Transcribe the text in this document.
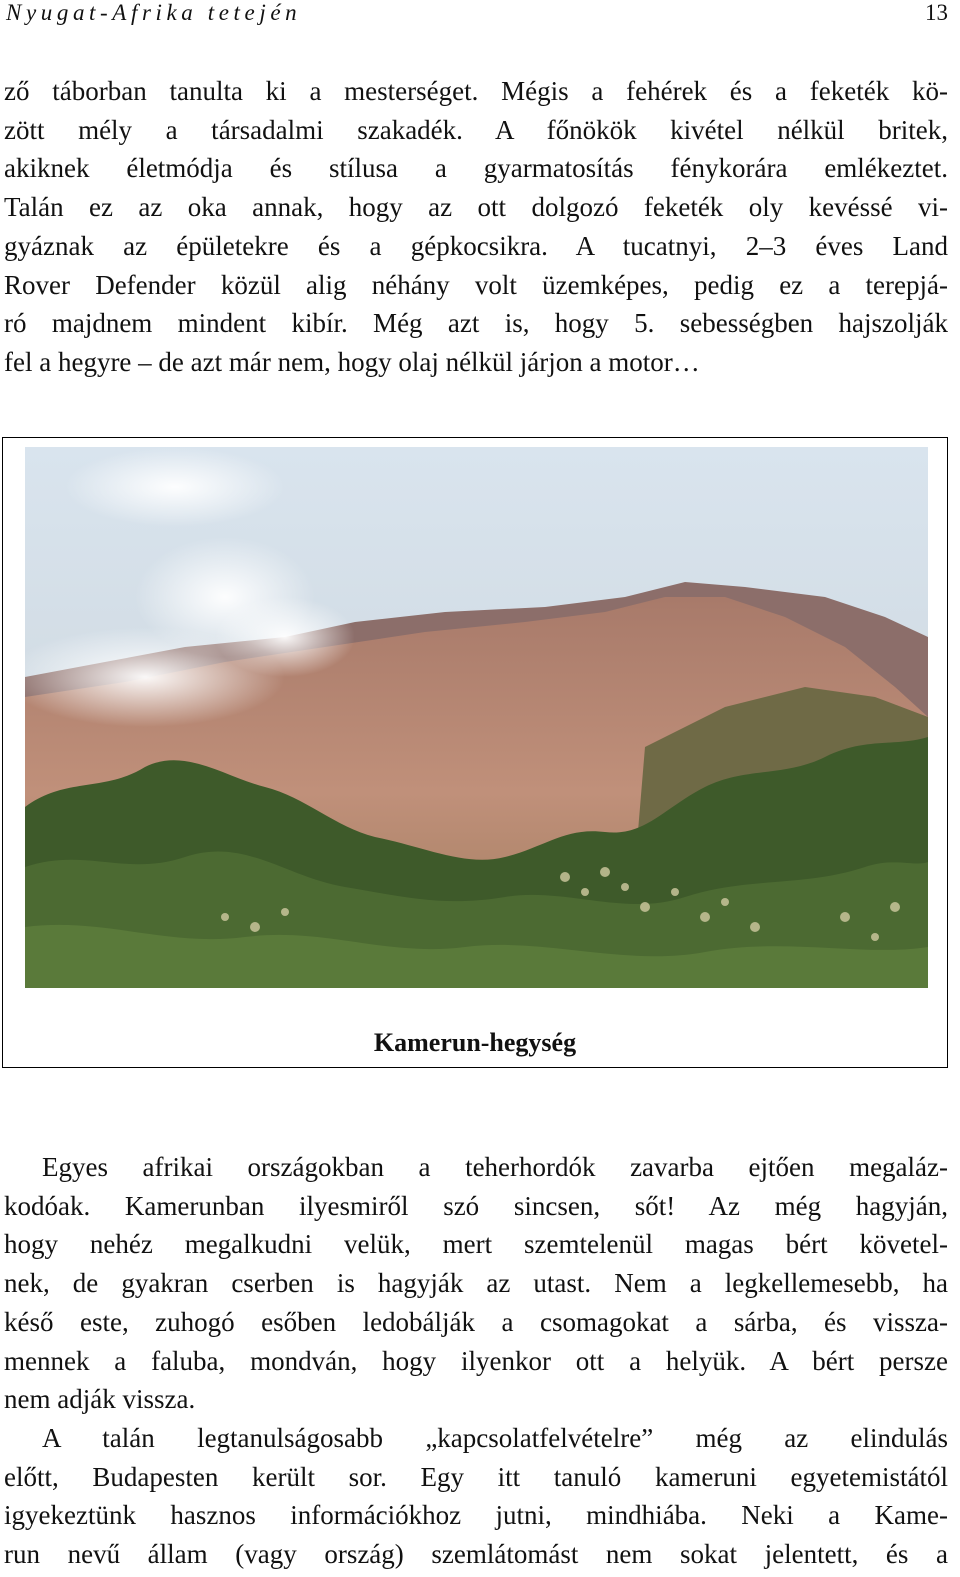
Nyugat-Afrika tetején	13
ző táborban tanulta ki a mesterséget. Mégis a fehérek és a feketék kö-
zött mély a társadalmi szakadék. A főnökök kivétel nélkül britek,
akiknek életmódja és stílusa a gyarmatosítás fénykorára emlékeztet.
Talán ez az oka annak, hogy az ott dolgozó feketék oly kevéssé vi-
gyáznak az épületekre és a gépkocsikra. A tucatnyi, 2–3 éves Land
Rover Defender közül alig néhány volt üzemképes, pedig ez a terepjá-
ró majdnem mindent kibír. Még azt is, hogy 5. sebességben hajszolják
fel a hegyre – de azt már nem, hogy olaj nélkül járjon a motor…
Kamerun-hegység
Egyes afrikai országokban a teherhordók zavarba ejtően megaláz-
kodóak. Kamerunban ilyesmiről szó sincsen, sőt! Az még hagyján,
hogy nehéz megalkudni velük, mert szemtelenül magas bért követel-
nek, de gyakran cserben is hagyják az utast. Nem a legkellemesebb, ha
késő este, zuhogó esőben ledobálják a csomagokat a sárba, és vissza-
mennek a faluba, mondván, hogy ilyenkor ott a helyük. A bért persze
nem adják vissza.
A talán legtanulságosabb „kapcsolatfelvételre” még az elindulás
előtt, Budapesten került sor. Egy itt tanuló kameruni egyetemistától
igyekeztünk hasznos információkhoz jutni, mindhiába. Neki a Kame-
run nevű állam (vagy ország) szemlátomást nem sokat jelentett, és a
